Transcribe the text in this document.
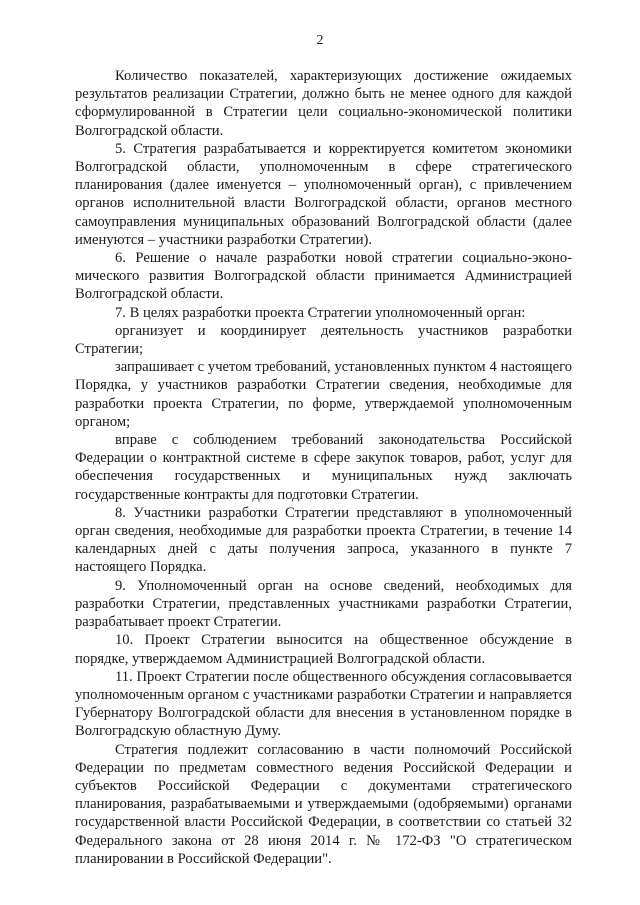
2

Количество показателей, характеризующих достижение ожидаемых результатов реализации Стратегии, должно быть не менее одного для каждой сформулированной в Стратегии цели социально-экономической политики Волгоградской области.

5. Стратегия разрабатывается и корректируется комитетом экономики Волгоградской области, уполномоченным в сфере стратегического планирования (далее именуется – уполномоченный орган), с привлечением органов исполнительной власти Волгоградской области, органов местного самоуправления муниципальных образований Волгоградской области (далее именуются – участники разработки Стратегии).

6. Решение о начале разработки новой стратегии социально-экономического развития Волгоградской области принимается Администрацией Волгоградской области.

7. В целях разработки проекта Стратегии уполномоченный орган:

организует и координирует деятельность участников разработки Стратегии;

запрашивает с учетом требований, установленных пунктом 4 настоящего Порядка, у участников разработки Стратегии сведения, необходимые для разработки проекта Стратегии, по форме, утверждаемой уполномоченным органом;

вправе с соблюдением требований законодательства Российской Федерации о контрактной системе в сфере закупок товаров, работ, услуг для обеспечения государственных и муниципальных нужд заключать государственные контракты для подготовки Стратегии.

8. Участники разработки Стратегии представляют в уполномоченный орган сведения, необходимые для разработки проекта Стратегии, в течение 14 календарных дней с даты получения запроса, указанного в пункте 7 настоящего Порядка.

9. Уполномоченный орган на основе сведений, необходимых для разработки Стратегии, представленных участниками разработки Стратегии, разрабатывает проект Стратегии.

10. Проект Стратегии выносится на общественное обсуждение в порядке, утверждаемом Администрацией Волгоградской области.

11. Проект Стратегии после общественного обсуждения согласовывается уполномоченным органом с участниками разработки Стратегии и направляется Губернатору Волгоградской области для внесения в установленном порядке в Волгоградскую областную Думу.

Стратегия подлежит согласованию в части полномочий Российской Федерации по предметам совместного ведения Российской Федерации и субъектов Российской Федерации с документами стратегического планирования, разрабатываемыми и утверждаемыми (одобряемыми) органами государственной власти Российской Федерации, в соответствии со статьей 32 Федерального закона от 28 июня 2014 г. № 172-ФЗ "О стратегическом планировании в Российской Федерации".
